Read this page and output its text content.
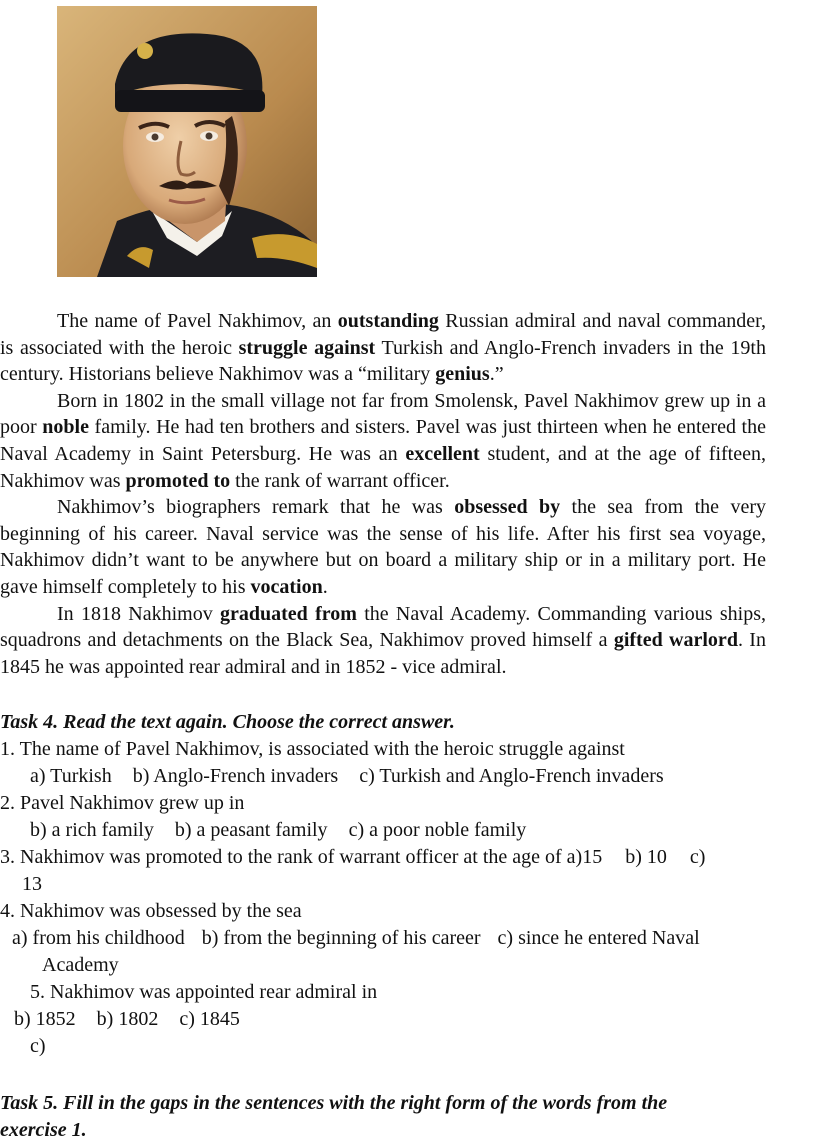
The name of Pavel Nakhimov, an outstanding Russian admiral and naval commander, is associated with the heroic struggle against Turkish and Anglo-French invaders in the 19th century. Historians believe Nakhimov was a “military genius.”

Born in 1802 in the small village not far from Smolensk, Pavel Nakhimov grew up in a poor noble family. He had ten brothers and sisters. Pavel was just thirteen when he entered the Naval Academy in Saint Petersburg. He was an excellent student, and at the age of fifteen, Nakhimov was promoted to the rank of warrant officer.

Nakhimov’s biographers remark that he was obsessed by the sea from the very beginning of his career. Naval service was the sense of his life. After his first sea voyage, Nakhimov didn’t want to be anywhere but on board a military ship or in a military port. He gave himself completely to his vocation.

In 1818 Nakhimov graduated from the Naval Academy. Commanding various ships, squadrons and detachments on the Black Sea, Nakhimov proved himself a gifted warlord. In 1845 he was appointed rear admiral and in 1852 - vice admiral.

Task 4. Read the text again. Choose the correct answer.
1. The name of Pavel Nakhimov, is associated with the heroic struggle against
a) Turkish b) Anglo-French invaders c) Turkish and Anglo-French invaders
2. Pavel Nakhimov grew up in
b) a rich family b) a peasant family c) a poor noble family
3. Nakhimov was promoted to the rank of warrant officer at the age of a)15 b) 10 c)
13
4. Nakhimov was obsessed by the sea
a) from his childhood b) from the beginning of his career c) since he entered Naval
Academy
5. Nakhimov was appointed rear admiral in
b) 1852 b) 1802 c) 1845
c)
Task 5. Fill in the gaps in the sentences with the right form of the words from the
exercise 1.
